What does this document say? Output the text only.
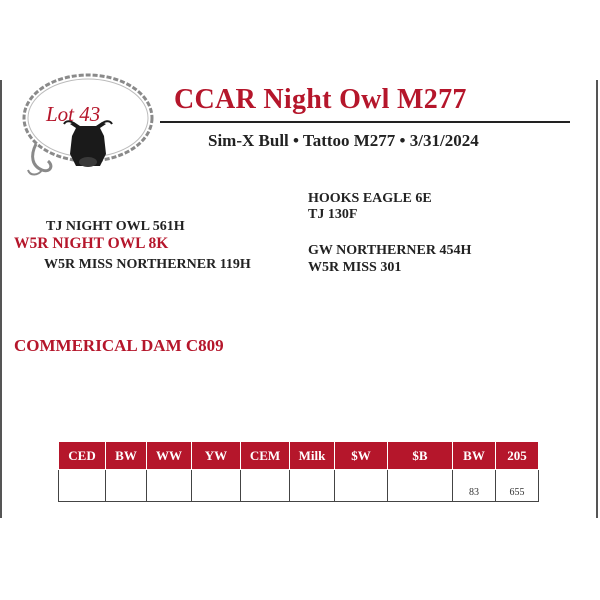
Lot 43	CCAR Night Owl M277
Sim-X Bull • Tattoo M277 • 3/31/2024
HOOKS EAGLE 6E
TJ 130F
TJ NIGHT OWL 561H
W5R NIGHT OWL 8K	GW NORTHERNER 454H
W5R MISS NORTHERNER 119H	W5R MISS 301
COMMERICAL DAM C809
CED	BW	WW	YW	CEM	Milk	$W	$B	BW	205
								83	655
